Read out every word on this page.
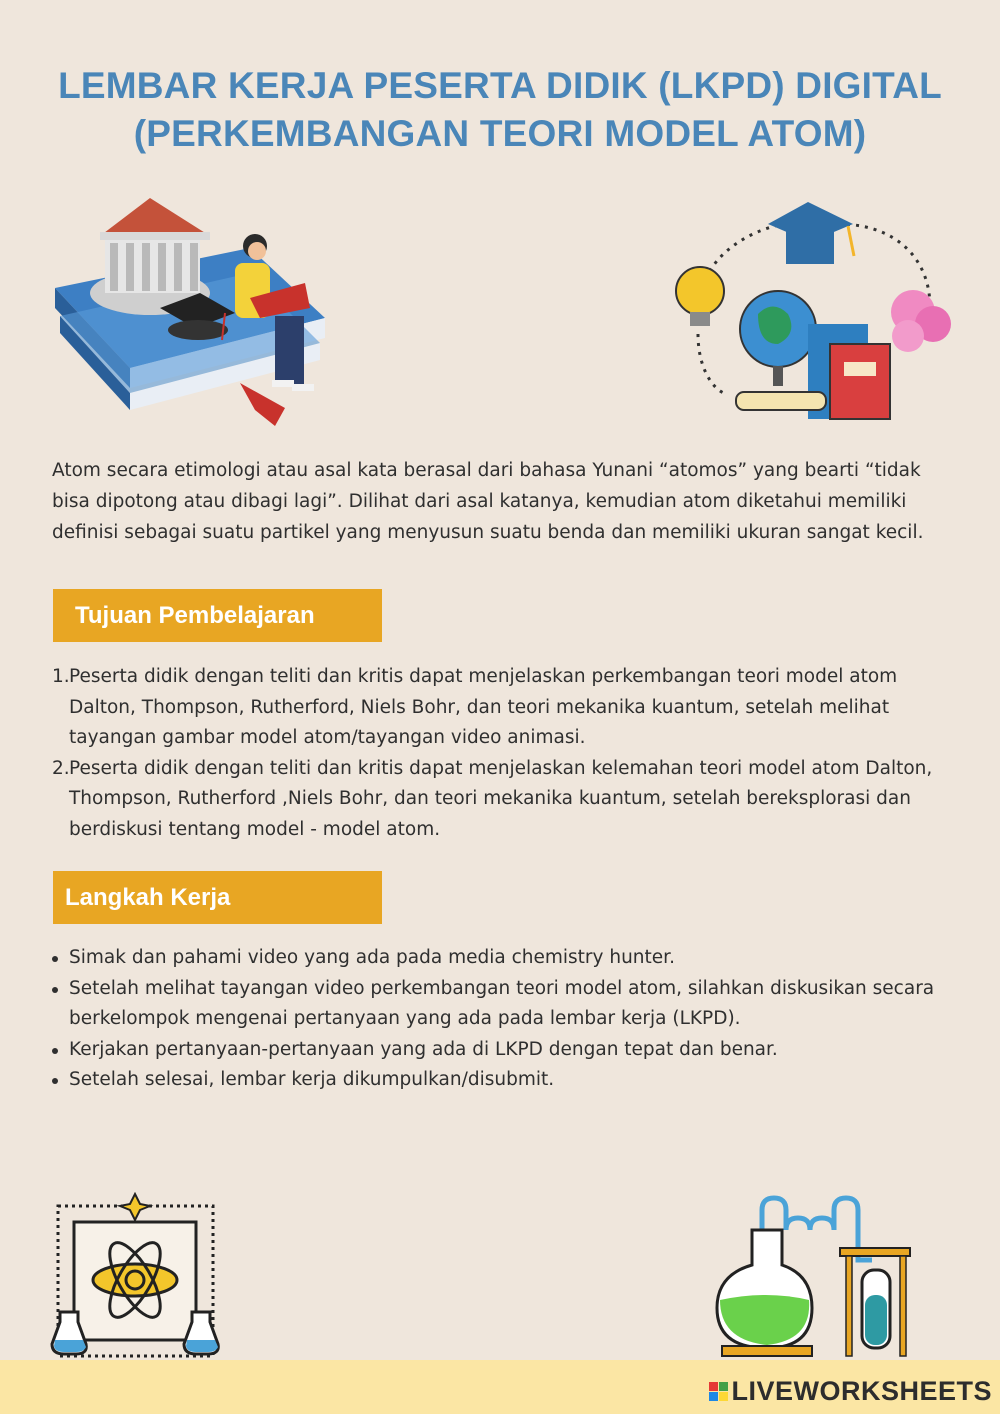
LEMBAR KERJA PESERTA DIDIK (LKPD) DIGITAL
(PERKEMBANGAN TEORI MODEL ATOM)
Atom secara etimologi atau asal kata berasal dari bahasa Yunani “atomos” yang bearti “tidak bisa dipotong atau dibagi lagi”. Dilihat dari asal katanya, kemudian atom diketahui memiliki definisi sebagai suatu partikel yang menyusun suatu benda dan memiliki ukuran sangat kecil.
Tujuan Pembelajaran
1. Peserta didik dengan teliti dan kritis dapat menjelaskan perkembangan teori model atom Dalton, Thompson, Rutherford, Niels Bohr, dan teori mekanika kuantum, setelah melihat tayangan gambar model atom/tayangan video animasi.
2. Peserta didik dengan teliti dan kritis dapat menjelaskan kelemahan teori model atom Dalton, Thompson, Rutherford ,Niels Bohr, dan teori mekanika kuantum, setelah bereksplorasi dan berdiskusi tentang model - model atom.
Langkah Kerja
Simak dan pahami video yang ada pada media chemistry hunter.
Setelah melihat tayangan video perkembangan teori model atom, silahkan diskusikan secara berkelompok mengenai pertanyaan yang ada pada lembar kerja (LKPD).
Kerjakan pertanyaan-pertanyaan yang ada di LKPD dengan tepat dan benar.
Setelah selesai, lembar kerja dikumpulkan/disubmit.
LIVEWORKSHEETS
